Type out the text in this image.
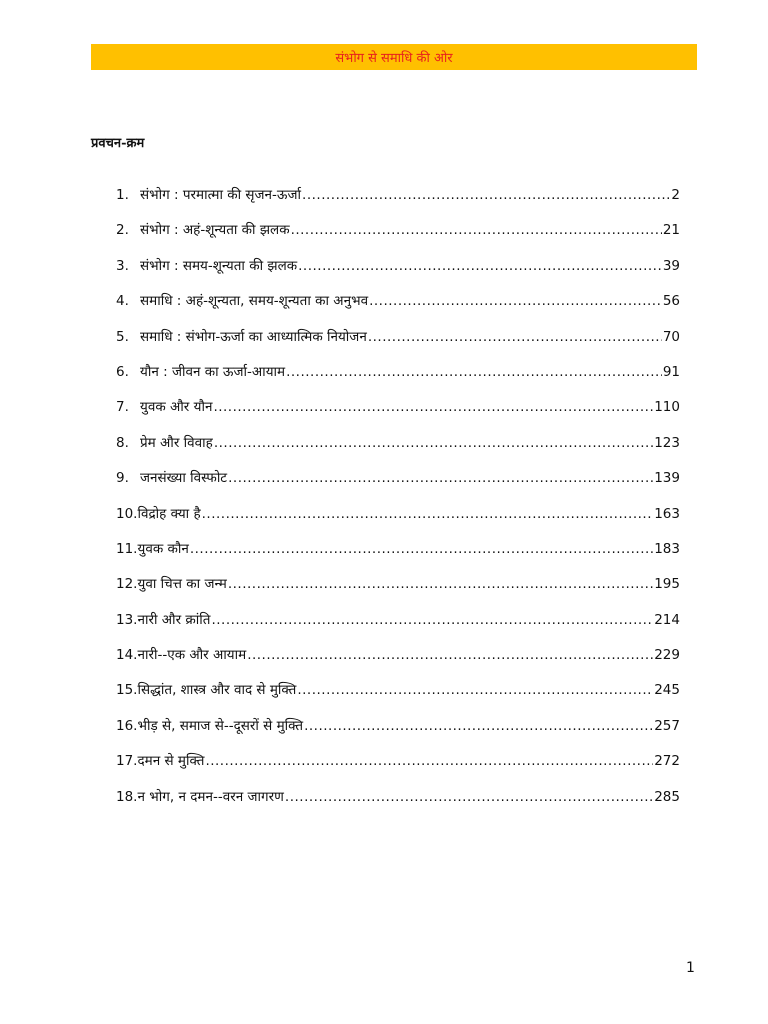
संभोग से समाधि की ओर
प्रवचन-क्रम
1. संभोग : परमात्मा की सृजन-ऊर्जा .....	2
2. संभोग : अहं-शून्यता की झलक .....	21
3. संभोग : समय-शून्यता की झलक .....	39
4. समाधि : अहं-शून्यता, समय-शून्यता का अनुभव .....	56
5. समाधि : संभोग-ऊर्जा का आध्यात्मिक नियोजन .....	70
6. यौन : जीवन का ऊर्जा-आयाम .....	91
7. युवक और यौन .....	110
8. प्रेम और विवाह .....	123
9. जनसंख्या विस्फोट .....	139
10. विद्रोह क्या है .....	163
11. युवक कौन .....	183
12. युवा चित्त का जन्म .....	195
13. नारी और क्रांति .....	214
14. नारी--एक और आयाम .....	229
15. सिद्धांत, शास्त्र और वाद से मुक्ति .....	245
16. भीड़ से, समाज से--दूसरों से मुक्ति .....	257
17. दमन से मुक्ति .....	272
18. न भोग, न दमन--वरन जागरण .....	285
1
